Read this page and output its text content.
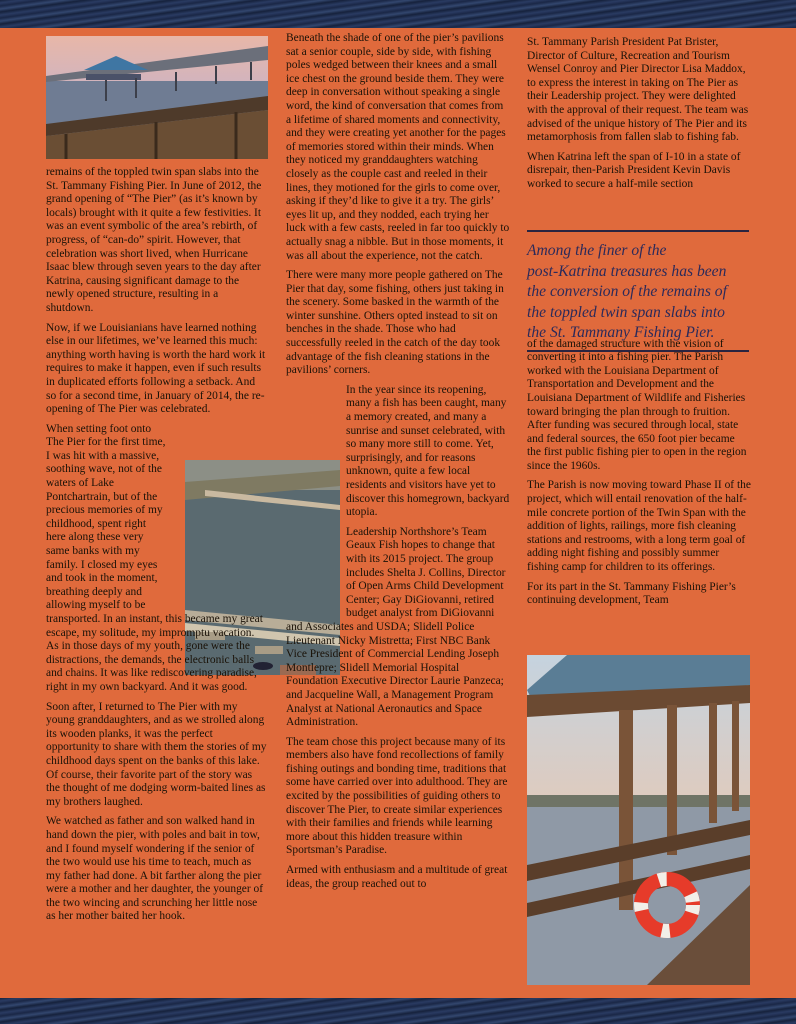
remains of the toppled twin span slabs into the St. Tammany Fishing Pier. In June of 2012, the grand opening of “The Pier” (as it’s known by locals) brought with it quite a few festivities. It was an event symbolic of the area’s rebirth, of progress, of “can-do” spirit. However, that celebration was short lived, when Hurricane Isaac blew through seven years to the day after Katrina, causing significant damage to the newly opened structure, resulting in a shutdown.

Now, if we Louisianians have learned nothing else in our lifetimes, we’ve learned this much: anything worth having is worth the hard work it requires to make it happen, even if such results in duplicated efforts following a setback. And so for a second time, in January of 2014, the re-opening of The Pier was celebrated.

When setting foot onto The Pier for the first time, I was hit with a massive, soothing wave, not of the waters of Lake Pontchartrain, but of the precious memories of my childhood, spent right here along these very same banks with my family. I closed my eyes and took in the moment, breathing deeply and allowing myself to be transported. In an instant, this became my great escape, my solitude, my impromptu vacation. As in those days of my youth, gone were the distractions, the demands, the electronic balls and chains. It was like rediscovering paradise, right in my own backyard. And it was good.

Soon after, I returned to The Pier with my young granddaughters, and as we strolled along its wooden planks, it was the perfect opportunity to share with them the stories of my childhood days spent on the banks of this lake. Of course, their favorite part of the story was the thought of me dodging worm-baited lines as my brothers laughed.

We watched as father and son walked hand in hand down the pier, with poles and bait in tow, and I found myself wondering if the senior of the two would use his time to teach, much as my father had done. A bit farther along the pier were a mother and her daughter, the younger of the two wincing and scrunching her little nose as her mother baited her hook.

Beneath the shade of one of the pier’s pavilions sat a senior couple, side by side, with fishing poles wedged between their knees and a small ice chest on the ground beside them. They were deep in conversation without speaking a single word, the kind of conversation that comes from a lifetime of shared moments and connectivity, and they were creating yet another for the pages of memories stored within their minds. When they noticed my granddaughters watching closely as the couple cast and reeled in their lines, they motioned for the girls to come over, asking if they’d like to give it a try. The girls’ eyes lit up, and they nodded, each trying her luck with a few casts, reeled in far too quickly to actually snag a nibble. But in those moments, it was all about the experience, not the catch.

There were many more people gathered on The Pier that day, some fishing, others just taking in the scenery. Some basked in the warmth of the winter sunshine. Others opted instead to sit on benches in the shade. Those who had successfully reeled in the catch of the day took advantage of the fish cleaning stations in the pavilions’ corners.

In the year since its reopening, many a fish has been caught, many a memory created, and many a sunrise and sunset celebrated, with so many more still to come. Yet, surprisingly, and for reasons unknown, quite a few local residents and visitors have yet to discover this homegrown, backyard utopia.

Leadership Northshore’s Team Geaux Fish hopes to change that with its 2015 project. The group includes Shelta J. Collins, Director of Open Arms Child Development Center; Gay DiGiovanni, retired budget analyst from DiGiovanni and Associates and USDA; Slidell Police Lieutenant Nicky Mistretta; First NBC Bank Vice President of Commercial Lending Joseph Montlepre; Slidell Memorial Hospital Foundation Executive Director Laurie Panzeca; and Jacqueline Wall, a Management Program Analyst at National Aeronautics and Space Administration.

The team chose this project because many of its members also have fond recollections of family fishing outings and bonding time, traditions that some have carried over into adulthood. They are excited by the possibilities of guiding others to discover The Pier, to create similar experiences with their families and friends while learning more about this hidden treasure within Sportsman’s Paradise.

Armed with enthusiasm and a multitude of great ideas, the group reached out to

St. Tammany Parish President Pat Brister, Director of Culture, Recreation and Tourism Wensel Conroy and Pier Director Lisa Maddox, to express the interest in taking on The Pier as their Leadership project. They were delighted with the approval of their request. The team was advised of the unique history of The Pier and its metamorphosis from fallen slab to fishing fab.

When Katrina left the span of I-10 in a state of disrepair, then-Parish President Kevin Davis worked to secure a half-mile section

of the damaged structure with the vision of converting it into a fishing pier. The Parish worked with the Louisiana Department of Transportation and Development and the Louisiana Department of Wildlife and Fisheries toward bringing the plan through to fruition. After funding was secured through local, state and federal sources, the 650 foot pier became the first public fishing pier to open in the region since the 1960s.

The Parish is now moving toward Phase II of the project, which will entail renovation of the half-mile concrete portion of the Twin Span with the addition of lights, railings, more fish cleaning stations and restrooms, with a long term goal of adding night fishing and possibly summer fishing camp for children to its offerings.

For its part in the St. Tammany Fishing Pier’s continuing development, Team

Among the finer of the
post-Katrina treasures has been
the conversion of the remains of
the toppled twin span slabs into
the St. Tammany Fishing Pier.
